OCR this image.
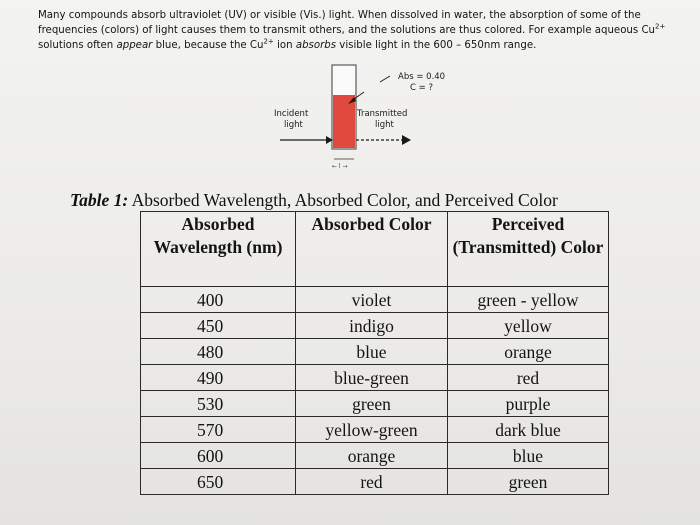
Many compounds absorb ultraviolet (UV) or visible (Vis.) light. When dissolved in water, the absorption of some of the frequencies (colors) of light causes them to transmit others, and the solutions are thus colored. For example aqueous $Cu^{2+}$ solutions often appear blue, because the $Cu^{2+}$ ion absorbs visible light in the 600 – 650nm range.

Abs = 0.40
C = ?
Incident
light
Transmitted
light
← l →
Table 1: Absorbed Wavelength, Absorbed Color, and Perceived Color
Absorbed Wavelength (nm)	Absorbed Color	Perceived (Transmitted) Color
400	violet	green - yellow
450	indigo	yellow
480	blue	orange
490	blue-green	red
530	green	purple
570	yellow-green	dark blue
600	orange	blue
650	red	green
